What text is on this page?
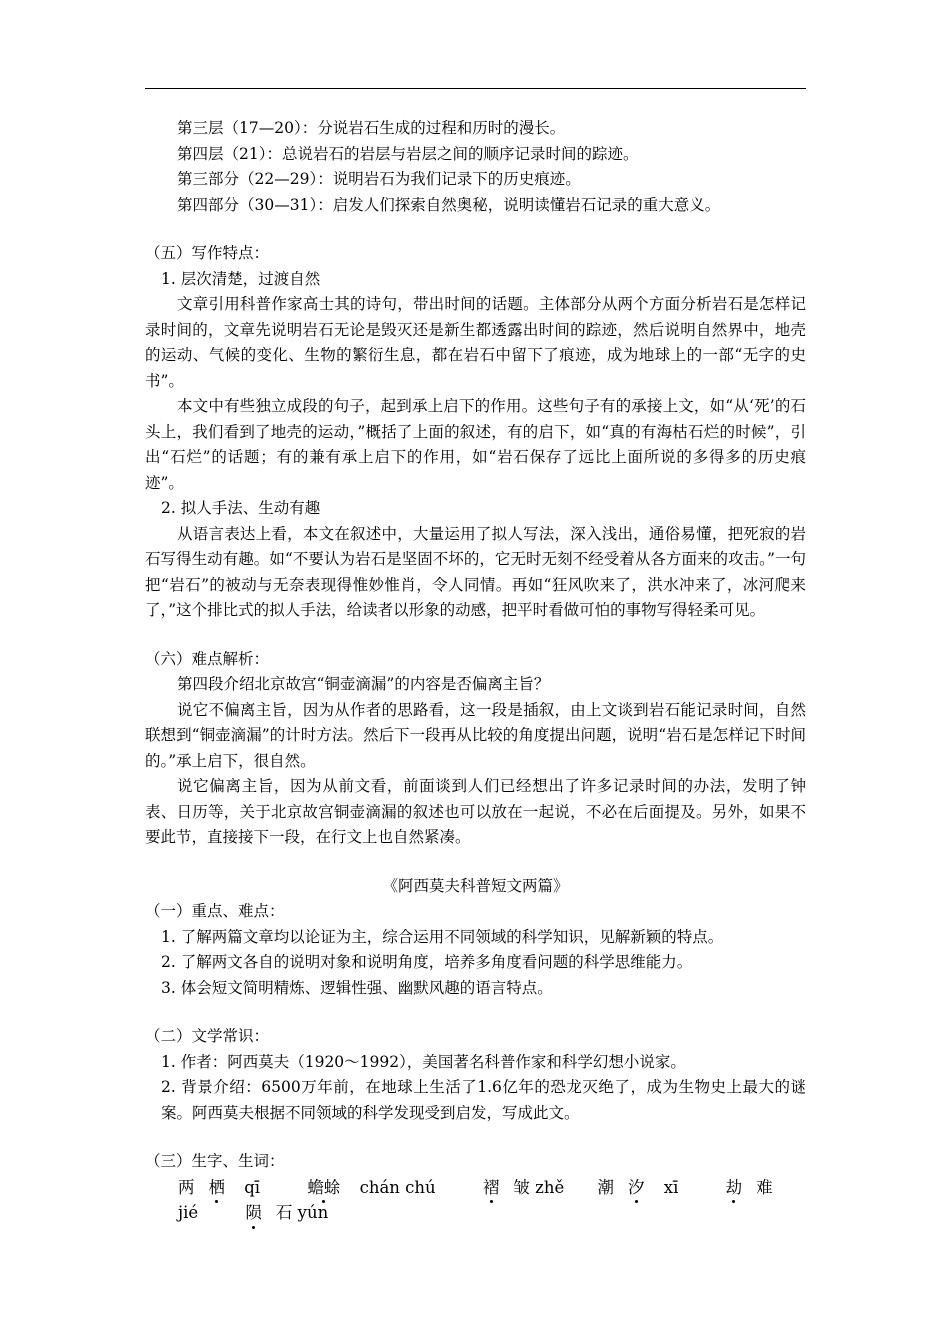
第三层（17—20）：分说岩石生成的过程和历时的漫长。

第四层（21）：总说岩石的岩层与岩层之间的顺序记录时间的踪迹。

第三部分（22—29）：说明岩石为我们记录下的历史痕迹。

第四部分（30—31）：启发人们探索自然奥秘，说明读懂岩石记录的重大意义。

（五）写作特点：

1. 层次清楚，过渡自然

文章引用科普作家高士其的诗句，带出时间的话题。主体部分从两个方面分析岩石是怎样记录时间的，文章先说明岩石无论是毁灭还是新生都透露出时间的踪迹，然后说明自然界中，地壳的运动、气候的变化、生物的繁衍生息，都在岩石中留下了痕迹，成为地球上的一部“无字的史书”。

本文中有些独立成段的句子，起到承上启下的作用。这些句子有的承接上文，如“从‘死’的石头上，我们看到了地壳的运动，”概括了上面的叙述，有的启下，如“真的有海枯石烂的时候”，引出“石烂”的话题；有的兼有承上启下的作用，如“岩石保存了远比上面所说的多得多的历史痕迹”。

2. 拟人手法、生动有趣

从语言表达上看，本文在叙述中，大量运用了拟人写法，深入浅出，通俗易懂，把死寂的岩石写得生动有趣。如“不要认为岩石是坚固不坏的，它无时无刻不经受着从各方面来的攻击。”一句把“岩石”的被动与无奈表现得惟妙惟肖，令人同情。再如“狂风吹来了，洪水冲来了，冰河爬来了，”这个排比式的拟人手法，给读者以形象的动感，把平时看做可怕的事物写得轻柔可见。

（六）难点解析：

第四段介绍北京故宫“铜壶滴漏”的内容是否偏离主旨？

说它不偏离主旨，因为从作者的思路看，这一段是插叙，由上文谈到岩石能记录时间，自然联想到“铜壶滴漏”的计时方法。然后下一段再从比较的角度提出问题，说明“岩石是怎样记下时间的。”承上启下，很自然。

说它偏离主旨，因为从前文看，前面谈到人们已经想出了许多记录时间的办法，发明了钟表、日历等，关于北京故宫铜壶滴漏的叙述也可以放在一起说，不必在后面提及。另外，如果不要此节，直接接下一段，在行文上也自然紧凑。

《阿西莫夫科普短文两篇》

（一）重点、难点：

1. 了解两篇文章均以论证为主，综合运用不同领域的科学知识，见解新颖的特点。

2. 了解两文各自的说明对象和说明角度，培养多角度看问题的科学思维能力。

3. 体会短文简明精炼、逻辑性强、幽默风趣的语言特点。

（二）文学常识：

1. 作者：阿西莫夫（1920～1992），美国著名科普作家和科学幻想小说家。

2. 背景介绍：6500万年前，在地球上生活了1.6亿年的恐龙灭绝了，成为生物史上最大的谜案。阿西莫夫根据不同领域的科学发现受到启发，写成此文。

（三）生字、生词：

两 栖 qī	蟾蜍 chán chú	褶 皱 zhě 潮 汐 xī	劫 难 jié	陨 石 yún
